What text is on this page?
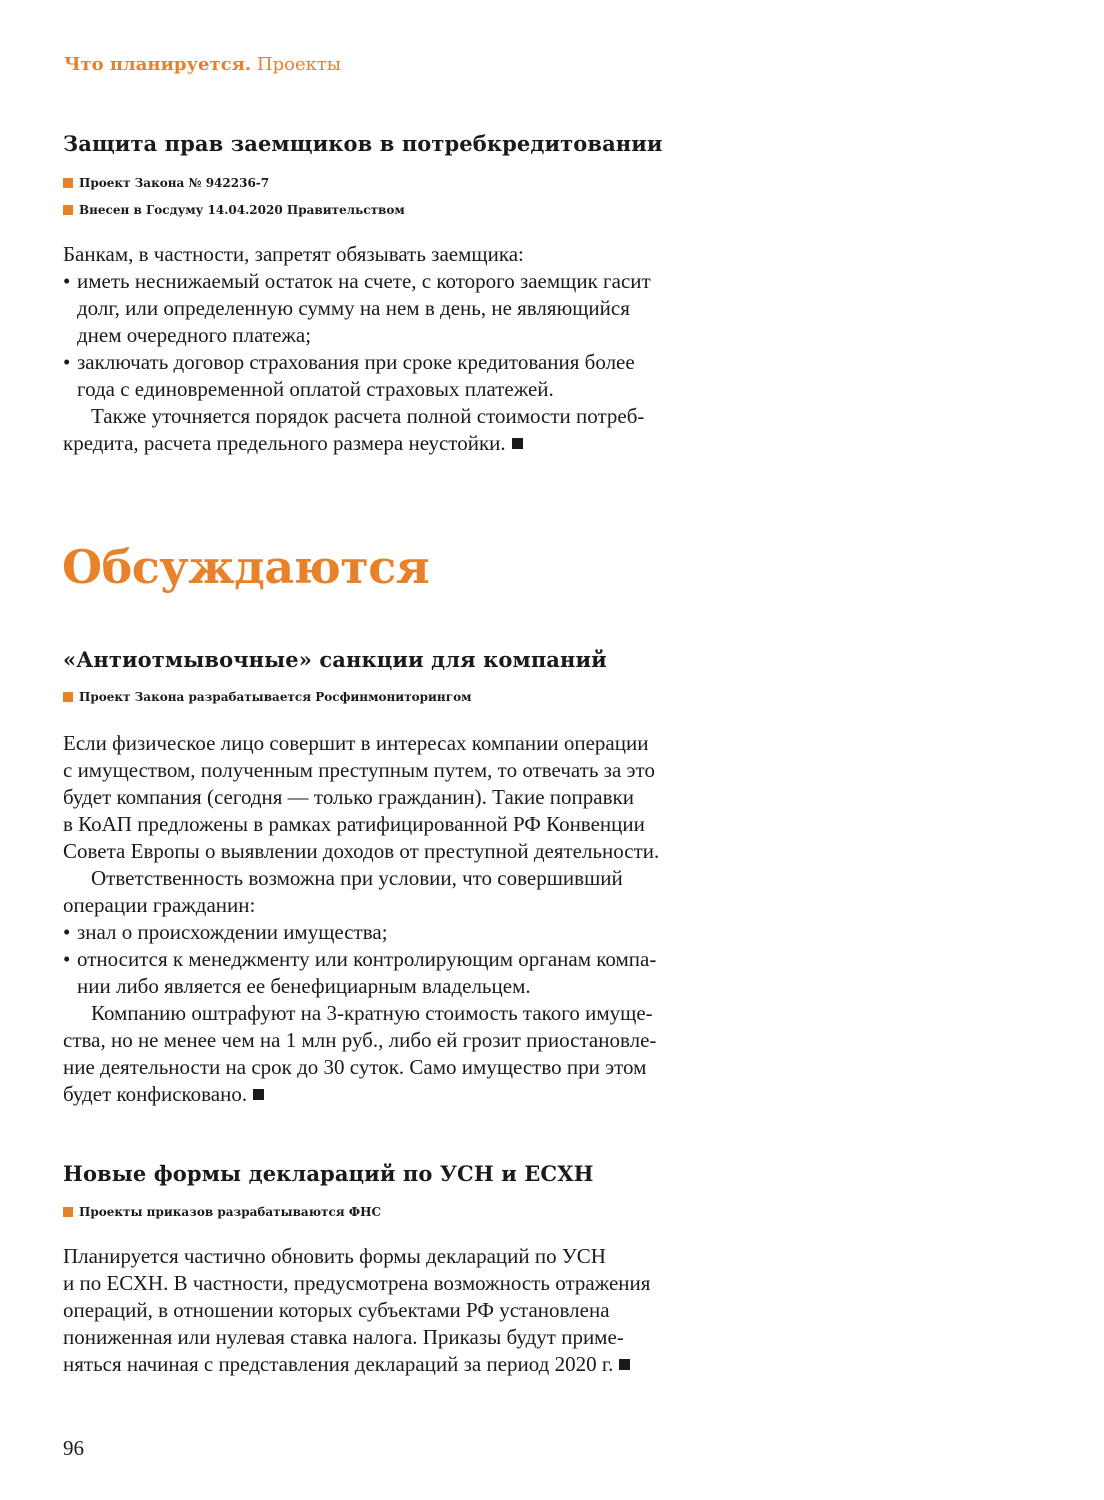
Что планируется. Проекты
Защита прав заемщиков в потребкредитовании
Проект Закона № 942236-7
Внесен в Госдуму 14.04.2020 Правительством
Банкам, в частности, запретят обязывать заемщика:
• иметь неснижаемый остаток на счете, с которого заемщик гасит
долг, или определенную сумму на нем в день, не являющийся
днем очередного платежа;
• заключать договор страхования при сроке кредитования более
года с единовременной оплатой страховых платежей.
Также уточняется порядок расчета полной стоимости потреб-
кредита, расчета предельного размера неустойки.
Обсуждаются
«Антиотмывочные» санкции для компаний
Проект Закона разрабатывается Росфинмониторингом
Если физическое лицо совершит в интересах компании операции
с имуществом, полученным преступным путем, то отвечать за это
будет компания (сегодня — только гражданин). Такие поправки
в КоАП предложены в рамках ратифицированной РФ Конвенции
Совета Европы о выявлении доходов от преступной деятельности.
Ответственность возможна при условии, что совершивший
операции гражданин:
• знал о происхождении имущества;
• относится к менеджменту или контролирующим органам компа-
нии либо является ее бенефициарным владельцем.
Компанию оштрафуют на 3-кратную стоимость такого имуще-
ства, но не менее чем на 1 млн руб., либо ей грозит приостановле-
ние деятельности на срок до 30 суток. Само имущество при этом
будет конфисковано.
Новые формы деклараций по УСН и ЕСХН
Проекты приказов разрабатываются ФНС
Планируется частично обновить формы деклараций по УСН
и по ЕСХН. В частности, предусмотрена возможность отражения
операций, в отношении которых субъектами РФ установлена
пониженная или нулевая ставка налога. Приказы будут приме-
няться начиная с представления деклараций за период 2020 г.
96
